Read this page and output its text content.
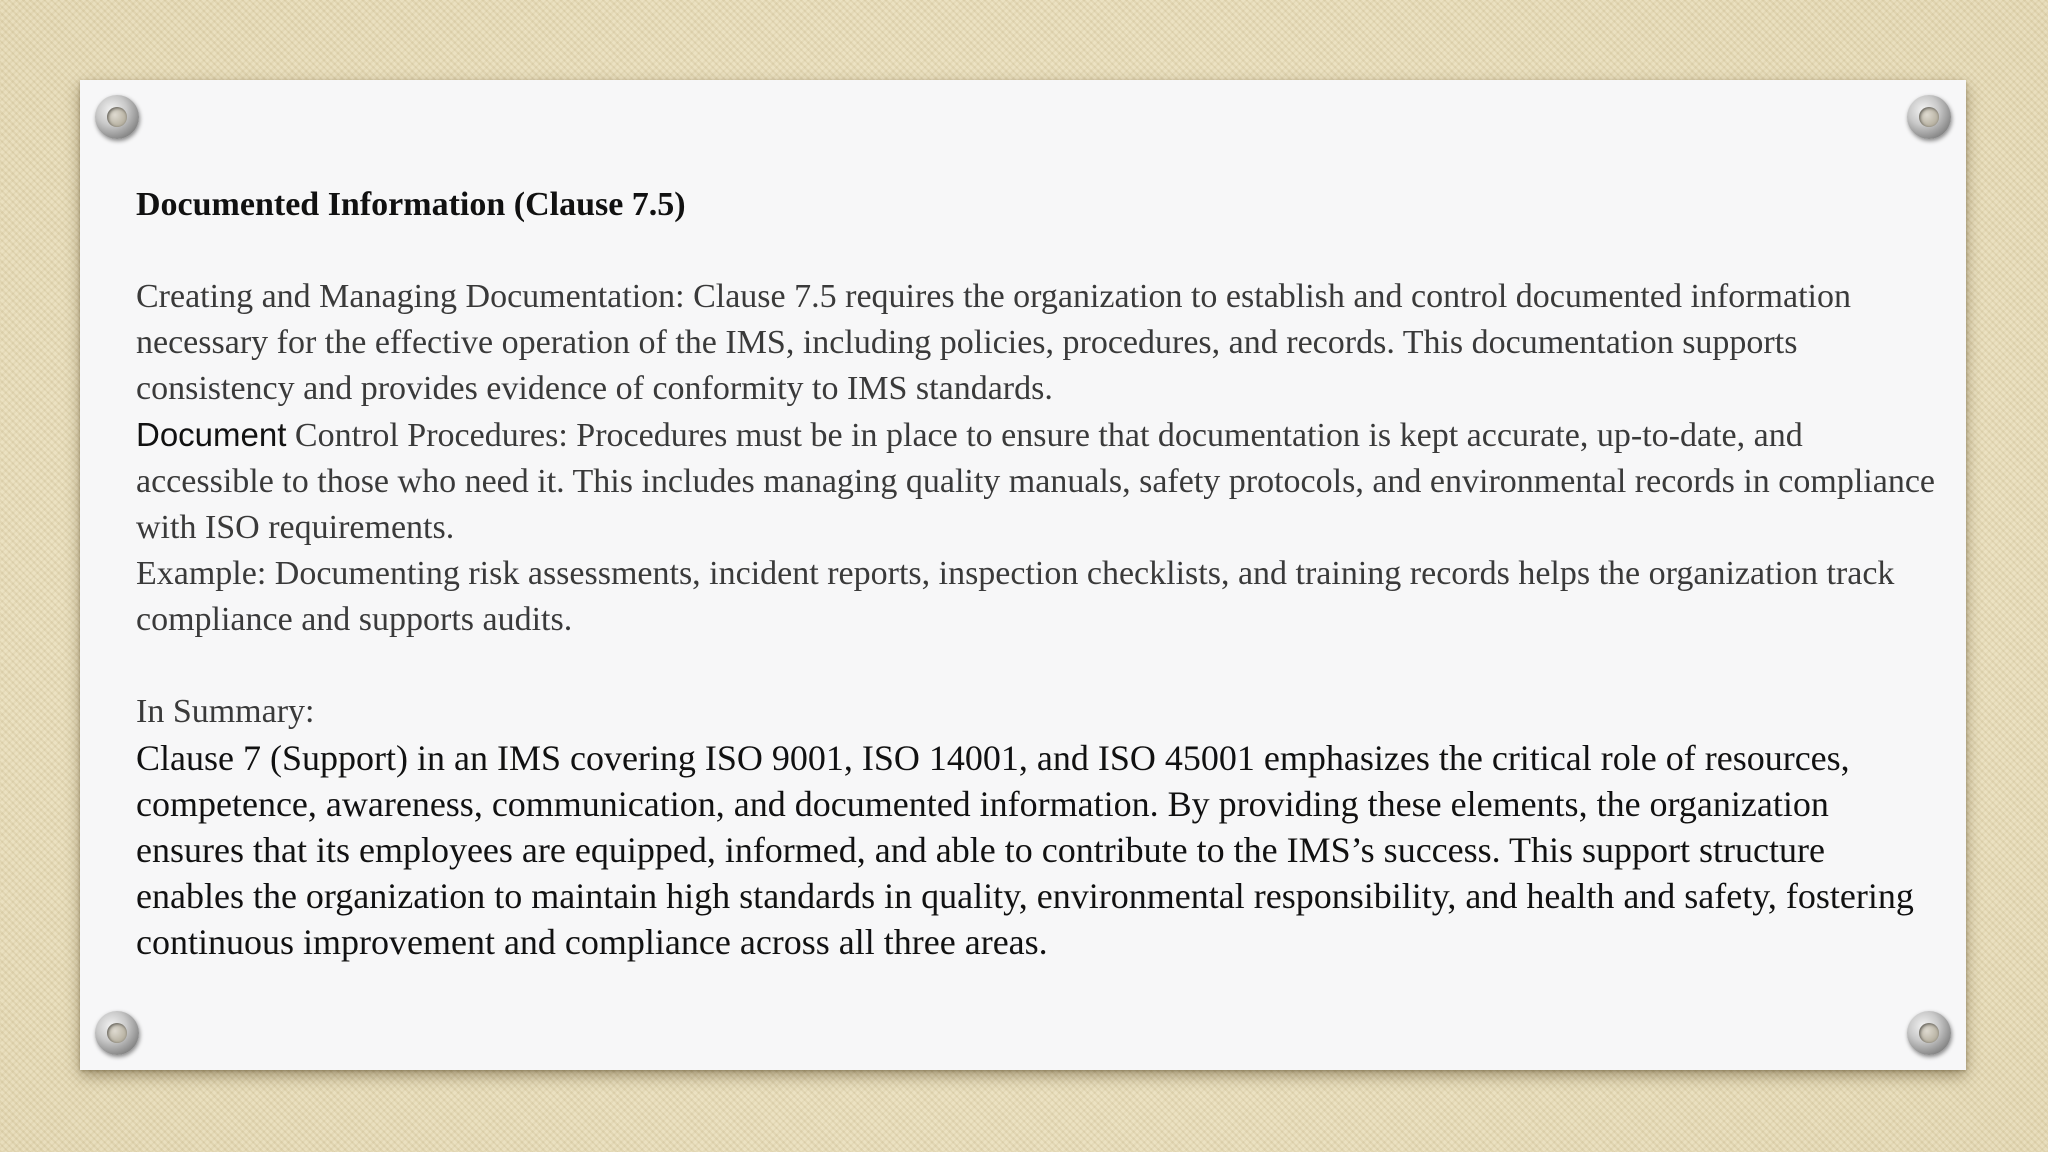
Documented Information (Clause 7.5)

Creating and Managing Documentation: Clause 7.5 requires the organization to establish and control documented information necessary for the effective operation of the IMS, including policies, procedures, and records. This documentation supports consistency and provides evidence of conformity to IMS standards.

Document Control Procedures: Procedures must be in place to ensure that documentation is kept accurate, up-to-date, and accessible to those who need it. This includes managing quality manuals, safety protocols, and environmental records in compliance with ISO requirements.

Example: Documenting risk assessments, incident reports, inspection checklists, and training records helps the organization track compliance and supports audits.

In Summary:

Clause 7 (Support) in an IMS covering ISO 9001, ISO 14001, and ISO 45001 emphasizes the critical role of resources, competence, awareness, communication, and documented information. By providing these elements, the organization ensures that its employees are equipped, informed, and able to contribute to the IMS’s success. This support structure enables the organization to maintain high standards in quality, environmental responsibility, and health and safety, fostering continuous improvement and compliance across all three areas.
